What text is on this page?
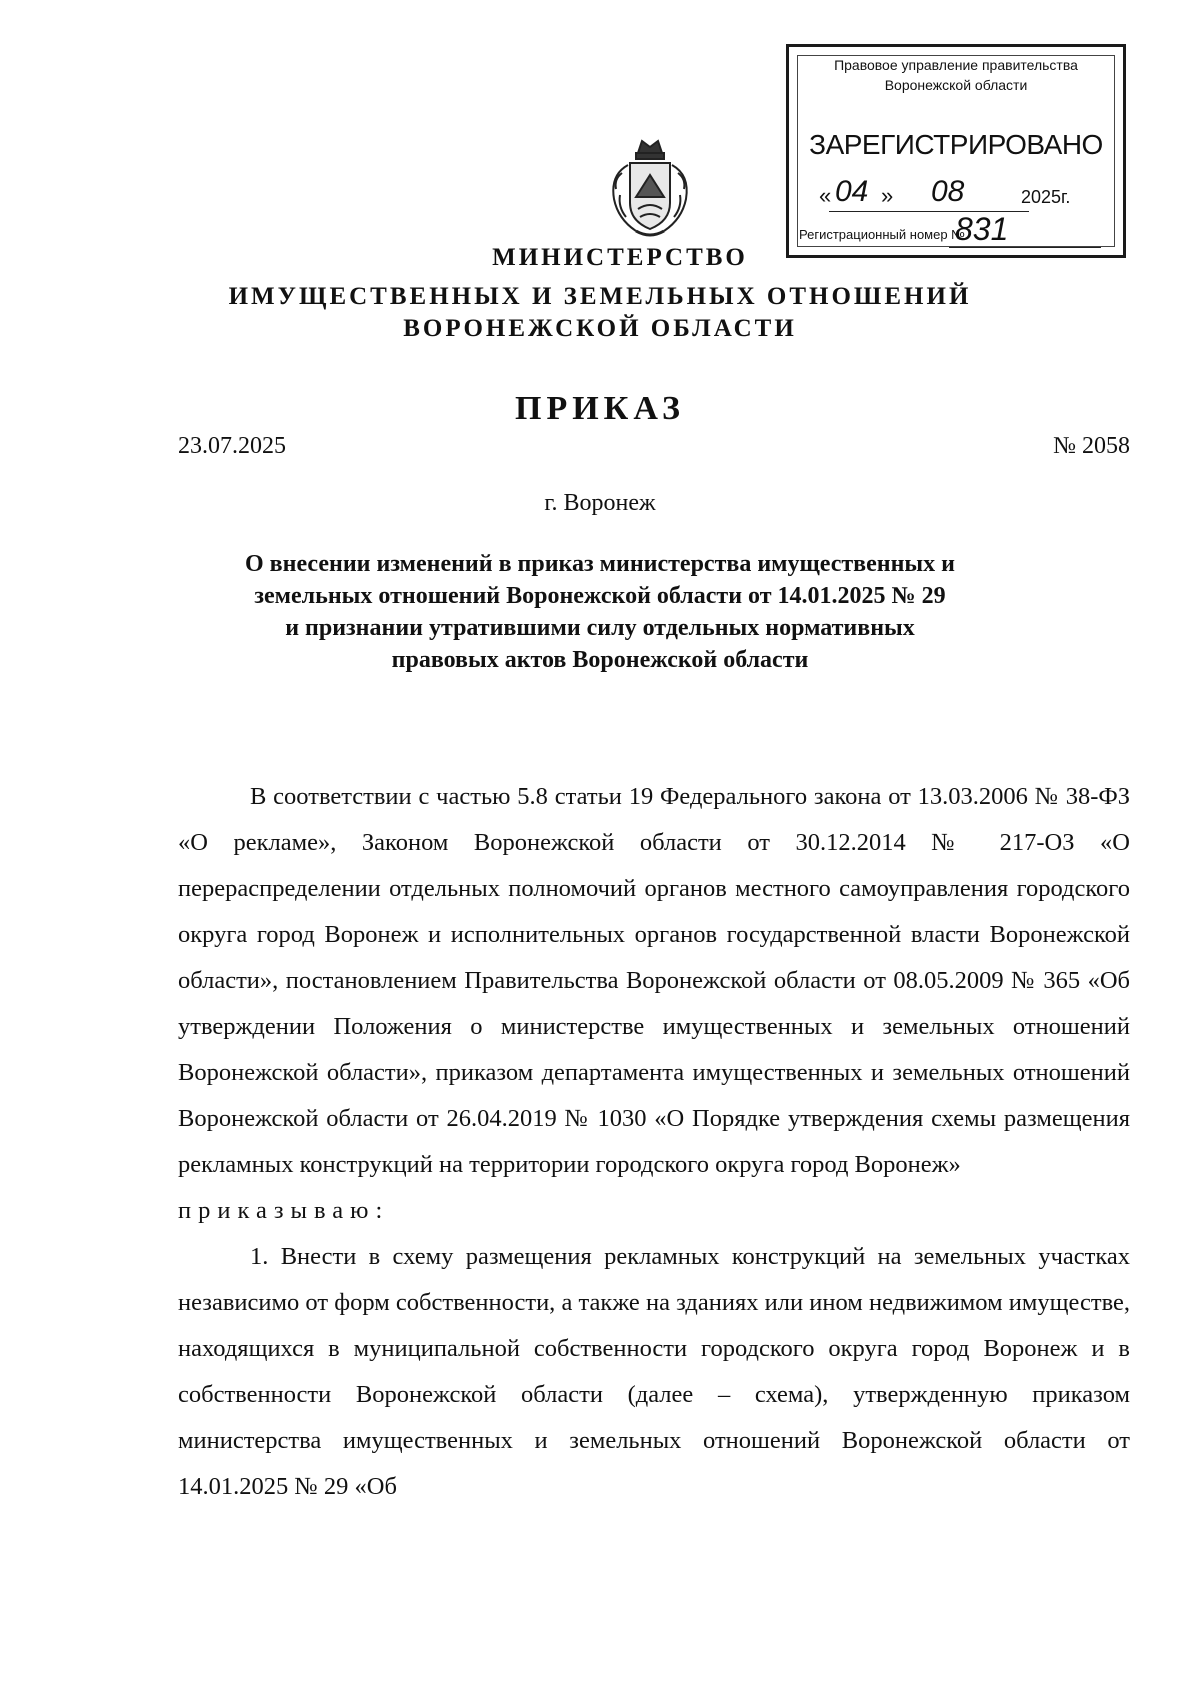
Правовое управление правительства
Воронежской области
ЗАРЕГИСТРИРОВАНО
« 04 » 08	2025г.
Регистрационный номер №
831
МИНИСТЕРСТВО
ИМУЩЕСТВЕННЫХ И ЗЕМЕЛЬНЫХ ОТНОШЕНИЙ
ВОРОНЕЖСКОЙ ОБЛАСТИ
ПРИКАЗ
23.07.2025	№ 2058
г. Воронеж
О внесении изменений в приказ министерства имущественных и
земельных отношений Воронежской области от 14.01.2025 № 29
и признании утратившими силу отдельных нормативных
правовых актов Воронежской области
В соответствии с частью 5.8 статьи 19 Федерального закона от 13.03.2006 № 38-ФЗ «О рекламе», Законом Воронежской области от 30.12.2014 № 217-ОЗ «О перераспределении отдельных полномочий органов местного самоуправления городского округа город Воронеж и исполнительных органов государственной власти Воронежской области», постановлением Правительства Воронежской области от 08.05.2009 № 365 «Об утверждении Положения о министерстве имущественных и земельных отношений Воронежской области», приказом департамента имущественных и земельных отношений Воронежской области от 26.04.2019 № 1030 «О Порядке утверждения схемы размещения рекламных конструкций на территории городского округа город Воронеж»
приказываю:
1. Внести в схему размещения рекламных конструкций на земельных участках независимо от форм собственности, а также на зданиях или ином недвижимом имуществе, находящихся в муниципальной собственности городского округа город Воронеж и в собственности Воронежской области (далее – схема), утвержденную приказом министерства имущественных и земельных отношений Воронежской области от 14.01.2025 № 29 «Об
